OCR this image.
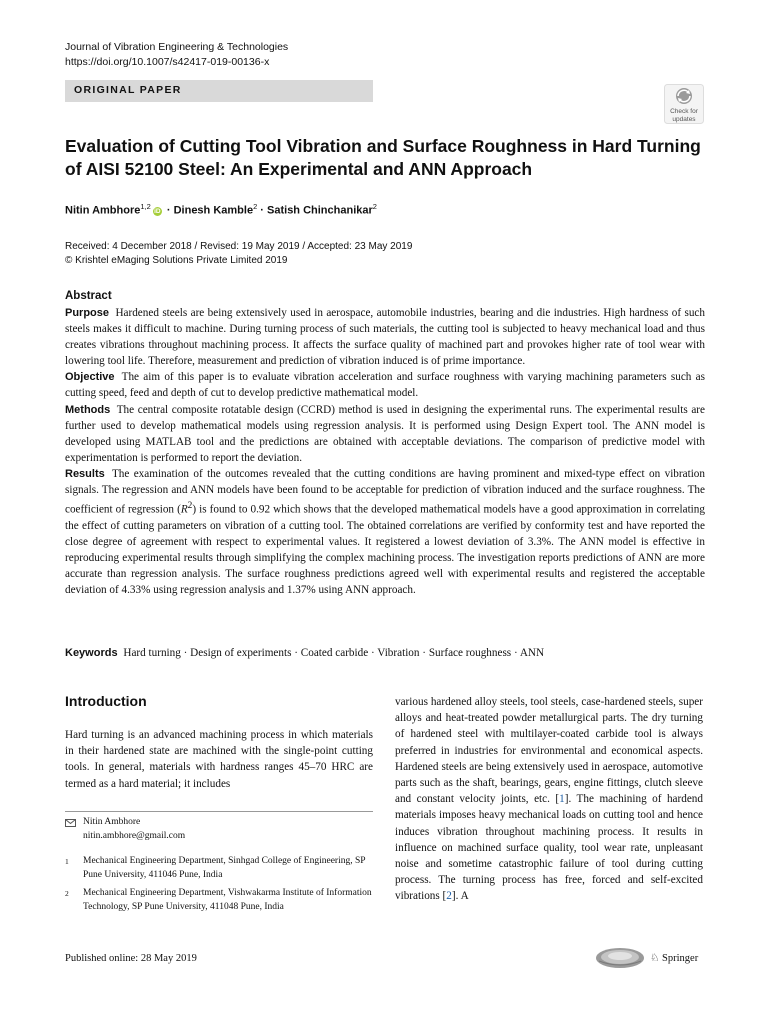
Journal of Vibration Engineering & Technologies
https://doi.org/10.1007/s42417-019-00136-x
ORIGINAL PAPER
Check for
updates
Evaluation of Cutting Tool Vibration and Surface Roughness in Hard Turning of AISI 52100 Steel: An Experimental and ANN Approach
Nitin Ambhore$^{1,2}$iD · Dinesh Kamble$^2$ · Satish Chinchanikar$^2$
Received: 4 December 2018 / Revised: 19 May 2019 / Accepted: 23 May 2019
© Krishtel eMaging Solutions Private Limited 2019
Abstract

Purpose Hardened steels are being extensively used in aerospace, automobile industries, bearing and die industries. High hardness of such steels makes it difficult to machine. During turning process of such materials, the cutting tool is subjected to heavy mechanical load and thus creates vibrations throughout machining process. It affects the surface quality of machined part and provokes higher rate of tool wear with lowering tool life. Therefore, measurement and prediction of vibration induced is of prime importance.

Objective The aim of this paper is to evaluate vibration acceleration and surface roughness with varying machining parameters such as cutting speed, feed and depth of cut to develop predictive mathematical model.

Methods The central composite rotatable design (CCRD) method is used in designing the experimental runs. The experimental results are further used to develop mathematical models using regression analysis. It is performed using Design Expert tool. The ANN model is developed using MATLAB tool and the predictions are obtained with acceptable deviations. The comparison of predictive model with experimentation is performed to report the deviation.

Results The examination of the outcomes revealed that the cutting conditions are having prominent and mixed-type effect on vibration signals. The regression and ANN models have been found to be acceptable for prediction of vibration induced and the surface roughness. The coefficient of regression $(R^2)$ is found to 0.92 which shows that the developed mathematical models have a good approximation in correlating the effect of cutting parameters on vibration of a cutting tool. The obtained correlations are verified by conformity test and have reported the close degree of agreement with respect to experimental values. It registered a lowest deviation of 3.3%. The ANN model is effective in reproducing experimental results through simplifying the complex machining process. The investigation reports predictions of ANN are more accurate than regression analysis. The surface roughness predictions agreed well with experimental results and registered the acceptable deviation of 4.33% using regression analysis and 1.37% using ANN approach.

Keywords Hard turning · Design of experiments · Coated carbide · Vibration · Surface roughness · ANN
Introduction
Hard turning is an advanced machining process in which materials in their hardened state are machined with the single-point cutting tools. In general, materials with hardness ranges 45–70 HRC are termed as a hard material; it includes
various hardened alloy steels, tool steels, case-hardened steels, super alloys and heat-treated powder metallurgical parts. The dry turning of hardened steel with multilayer-coated carbide tool is always preferred in industries for environmental and economical aspects. Hardened steels are being extensively used in aerospace, automotive parts such as the shaft, bearings, gears, engine fittings, clutch sleeve and constant velocity joints, etc. [1]. The machining of hardend materials imposes heavy mechanical loads on cutting tool and hence induces vibration throughout machining process. It results in influence on machined surface quality, tool wear rate, unpleasant noise and sometime catastrophic failure of tool during cutting process. The turning process has free, forced and self-excited vibrations [2]. A
Nitin Ambhore
nitin.ambhore@gmail.com
1 Mechanical Engineering Department, Sinhgad College of Engineering, SP Pune University, 411046 Pune, India
2 Mechanical Engineering Department, Vishwakarma Institute of Information Technology, SP Pune University, 411048 Pune, India
Published online: 28 May 2019	♘ Springer
